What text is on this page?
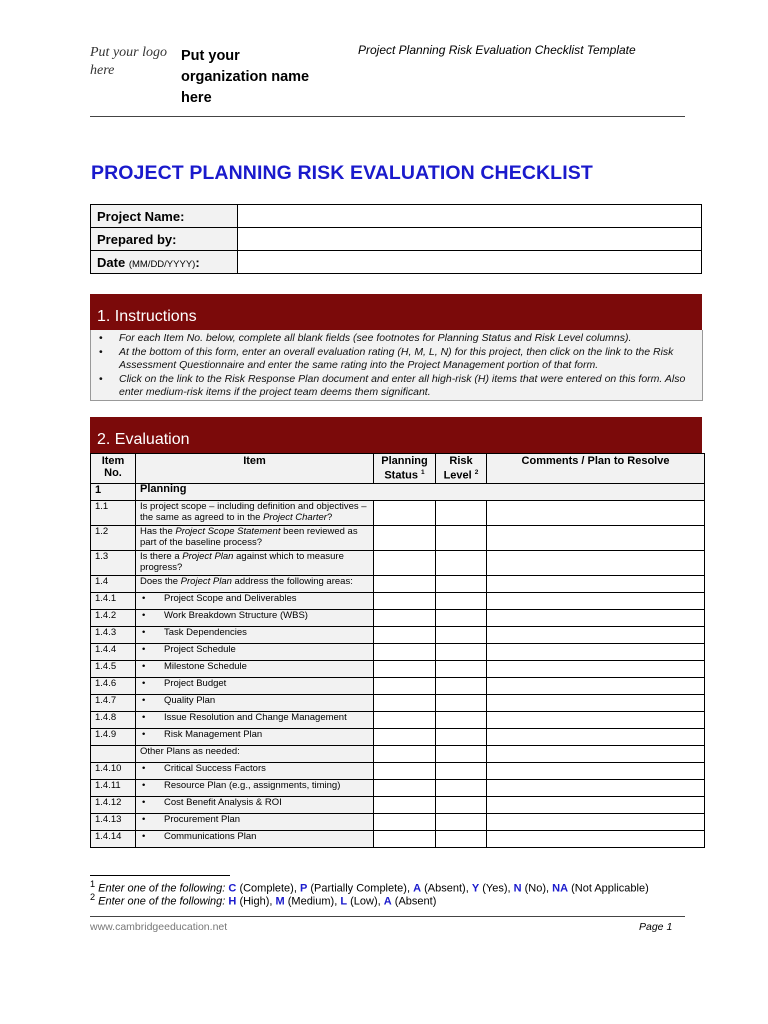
Put your logo here
Put your organization name here
Project Planning Risk Evaluation Checklist Template
PROJECT PLANNING RISK EVALUATION CHECKLIST
Project Name:	
Prepared by:	
Date (MM/DD/YYYY):	
1. Instructions
• For each Item No. below, complete all blank fields (see footnotes for Planning Status and Risk Level columns).
• At the bottom of this form, enter an overall evaluation rating (H, M, L, N) for this project, then click on the link to the Risk Assessment Questionnaire and enter the same rating into the Project Management portion of that form.
• Click on the link to the Risk Response Plan document and enter all high-risk (H) items that were entered on this form. Also enter medium-risk items if the project team deems them significant.
2. Evaluation
Item No.	Item	Planning Status $^1$	Risk Level $^2$	Comments / Plan to Resolve
1	Planning			
1.1	Is project scope – including definition and objectives – the same as agreed to in the Project Charter?			
1.2	Has the Project Scope Statement been reviewed as part of the baseline process?			
1.3	Is there a Project Plan against which to measure progress?			
1.4	Does the Project Plan address the following areas:			
1.4.1	• Project Scope and Deliverables			
1.4.2	• Work Breakdown Structure (WBS)			
1.4.3	• Task Dependencies			
1.4.4	• Project Schedule			
1.4.5	• Milestone Schedule			
1.4.6	• Project Budget			
1.4.7	• Quality Plan			
1.4.8	• Issue Resolution and Change Management			
1.4.9	• Risk Management Plan			
	Other Plans as needed:			
1.4.10	• Critical Success Factors			
1.4.11	• Resource Plan (e.g., assignments, timing)			
1.4.12	• Cost Benefit Analysis & ROI			
1.4.13	• Procurement Plan			
1.4.14	• Communications Plan			
$^1$ Enter one of the following: C (Complete), P (Partially Complete), A (Absent), Y (Yes), N (No), NA (Not Applicable)
$^2$ Enter one of the following: H (High), M (Medium), L (Low), A (Absent)
www.cambridgeeducation.net	Page 1
